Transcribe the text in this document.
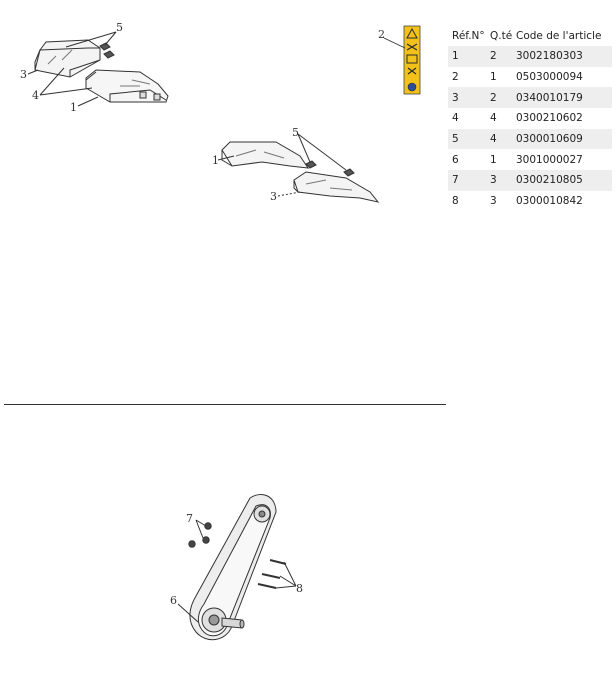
5
3
4
1
2
5
1
3
7
6
8
Réf.N°	Q.té	Code de l'article
1	2	3002180303
2	1	0503000094
3	2	0340010179
4	4	0300210602
5	4	0300010609
6	1	3001000027
7	3	0300210805
8	3	0300010842
